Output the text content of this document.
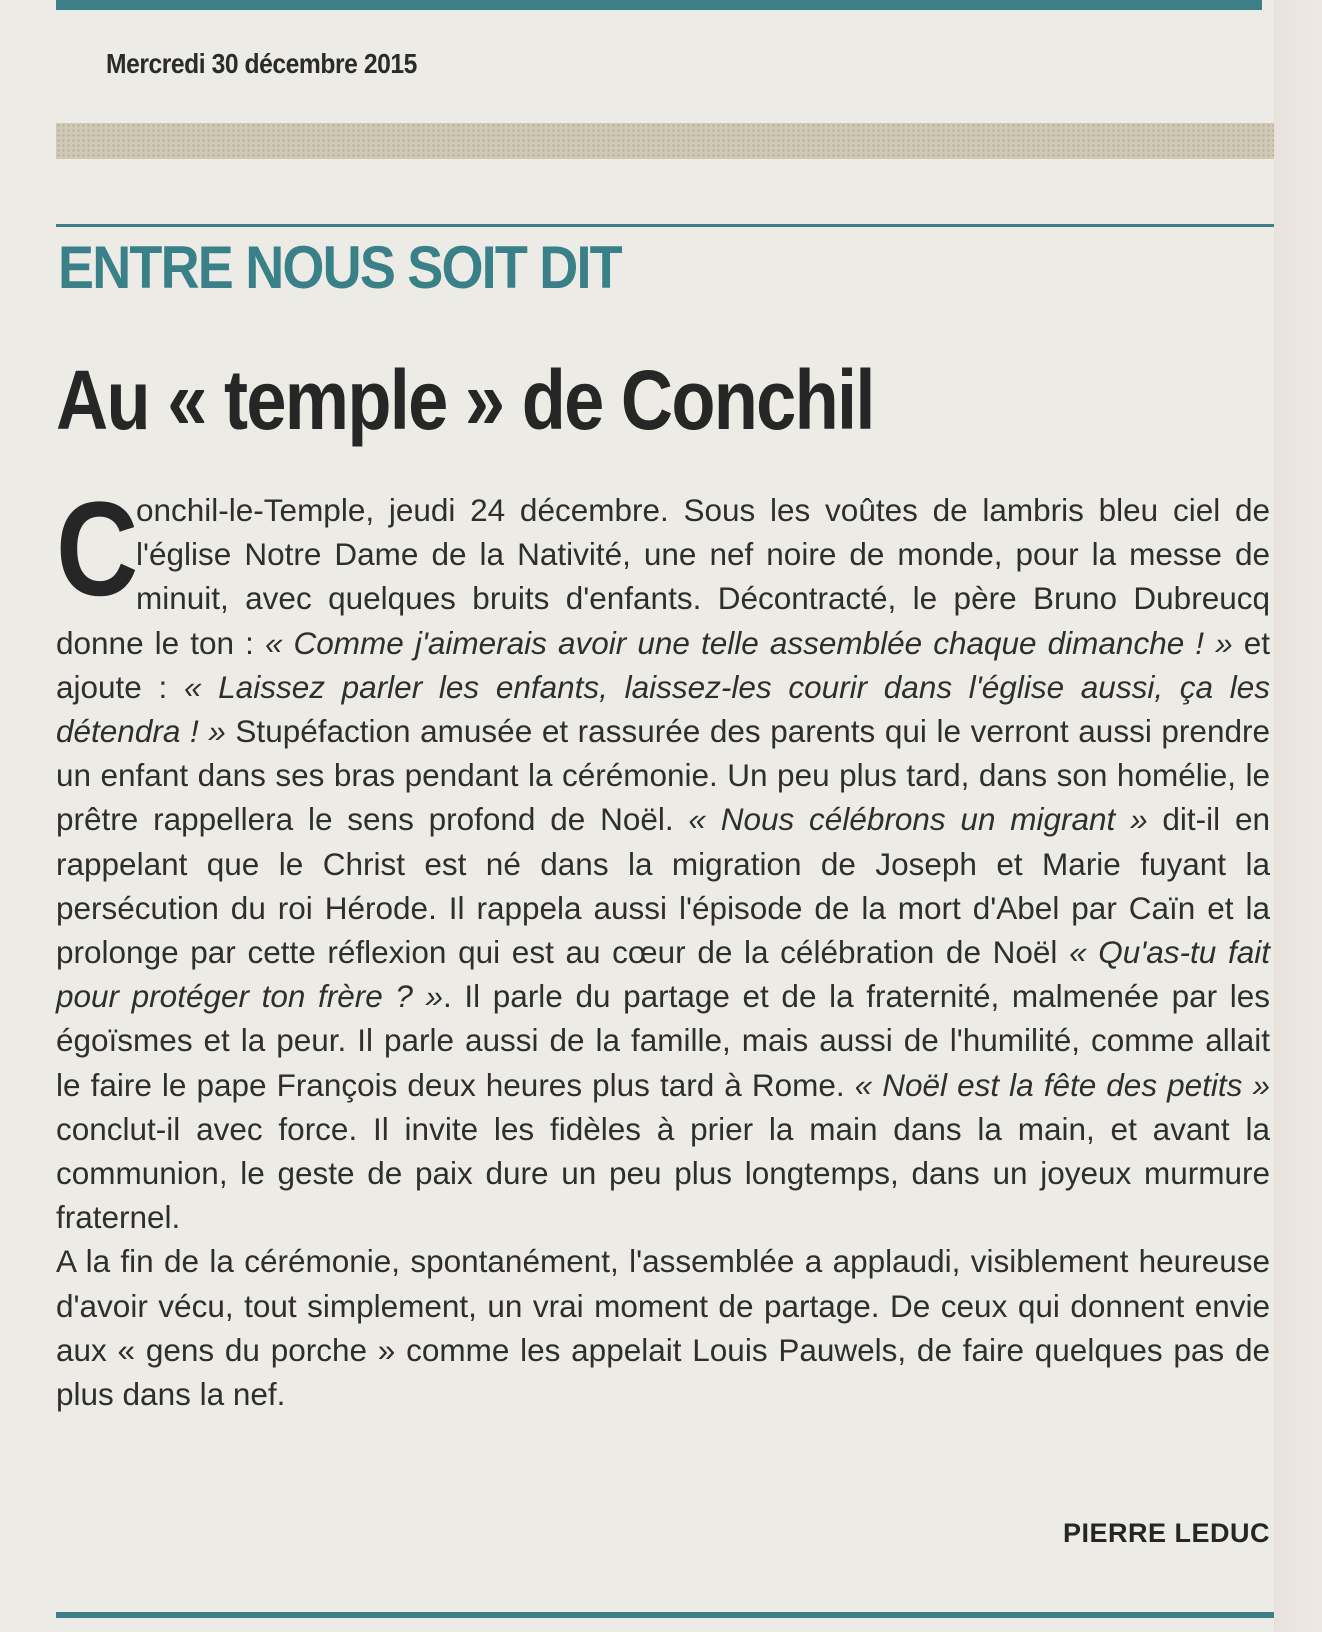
Mercredi 30 décembre 2015
ENTRE NOUS SOIT DIT
Au « temple » de Conchil
C
onchil-le-Temple, jeudi 24 décembre. Sous les voûtes de lambris bleu ciel de l'église Notre Dame de la Nativité, une nef noire de monde, pour la messe de minuit, avec quelques bruits d'enfants. Décontracté, le père Bruno Dubreucq donne le ton : « Comme j'aimerais avoir une telle assemblée chaque dimanche ! » et ajoute : « Laissez parler les enfants, laissez-les courir dans l'église aussi, ça les détendra ! » Stupéfaction amusée et rassurée des parents qui le verront aussi prendre un enfant dans ses bras pendant la cérémonie. Un peu plus tard, dans son homélie, le prêtre rappellera le sens profond de Noël. « Nous célébrons un migrant » dit-il en rappelant que le Christ est né dans la migration de Joseph et Marie fuyant la persécution du roi Hérode. Il rappela aussi l'épisode de la mort d'Abel par Caïn et la prolonge par cette réflexion qui est au cœur de la célébration de Noël « Qu'as-tu fait pour protéger ton frère ? ». Il parle du partage et de la fraternité, malmenée par les égoïsmes et la peur. Il parle aussi de la famille, mais aussi de l'humilité, comme allait le faire le pape François deux heures plus tard à Rome. « Noël est la fête des petits » conclut-il avec force. Il invite les fidèles à prier la main dans la main, et avant la communion, le geste de paix dure un peu plus longtemps, dans un joyeux murmure fraternel.
A la fin de la cérémonie, spontanément, l'assemblée a applaudi, visiblement heureuse d'avoir vécu, tout simplement, un vrai moment de partage. De ceux qui donnent envie aux « gens du porche » comme les appelait Louis Pauwels, de faire quelques pas de plus dans la nef.
PIERRE LEDUC
